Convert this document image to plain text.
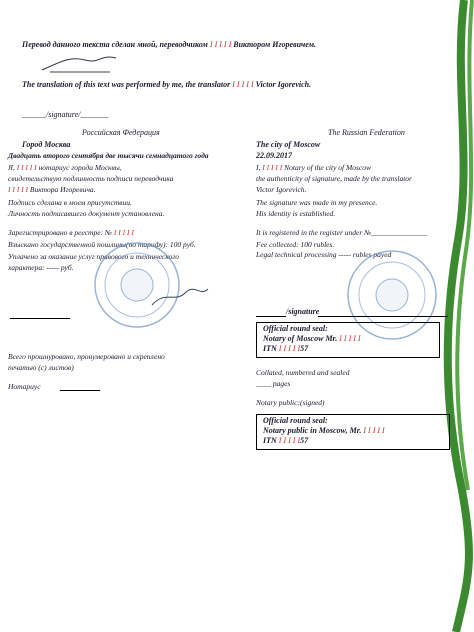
Перевод данного текста сделан мной, переводчиком I I I I I Виктором Игоревичем.
The translation of this text was performed by me, the translator I I I I I Victor Igorevich.
______/signature/_______
Российская Федерация
Город Москва
Двадцать второго сентября две тысячи семнадцатого года
Я, I I I I I нотариус города Москвы,
свидетельствую подлинность подписи переводчика
I I I I I Виктора Игоревича.
Подпись сделана в моем присутствии.
Личность подписавшего документ установлена.
Зарегистрировано в реестре: № I I I I I
Взыскано государственной пошлины(по тарифу): 100 руб.
Уплачено за оказание услуг правового и технического
характера: ----- руб.
Всего прошнуровано, пронумеровано и скреплено
печатью (с) листов)
Нотариус
The Russian Federation
The city of Moscow
22.09.2017
I, I I I I I Notary of the city of Moscow
the authenticity of signature, made by the translator
Victor Igorevich.
The signature was made in my presence.
His identity is established.
It is registered in the register under №_______________
Fee collected: 100 rubles.
Legal technical processing ----- rubles payed
/signature
Official round seal:
Notary of Moscow Mr. I I I I I
ITN I I I I I57
Collated, numbered and sealed
____ pages
Notary public:(signed)
Official round seal:
Notary public in Moscow, Mr. I I I I I
ITN I I I I I57
